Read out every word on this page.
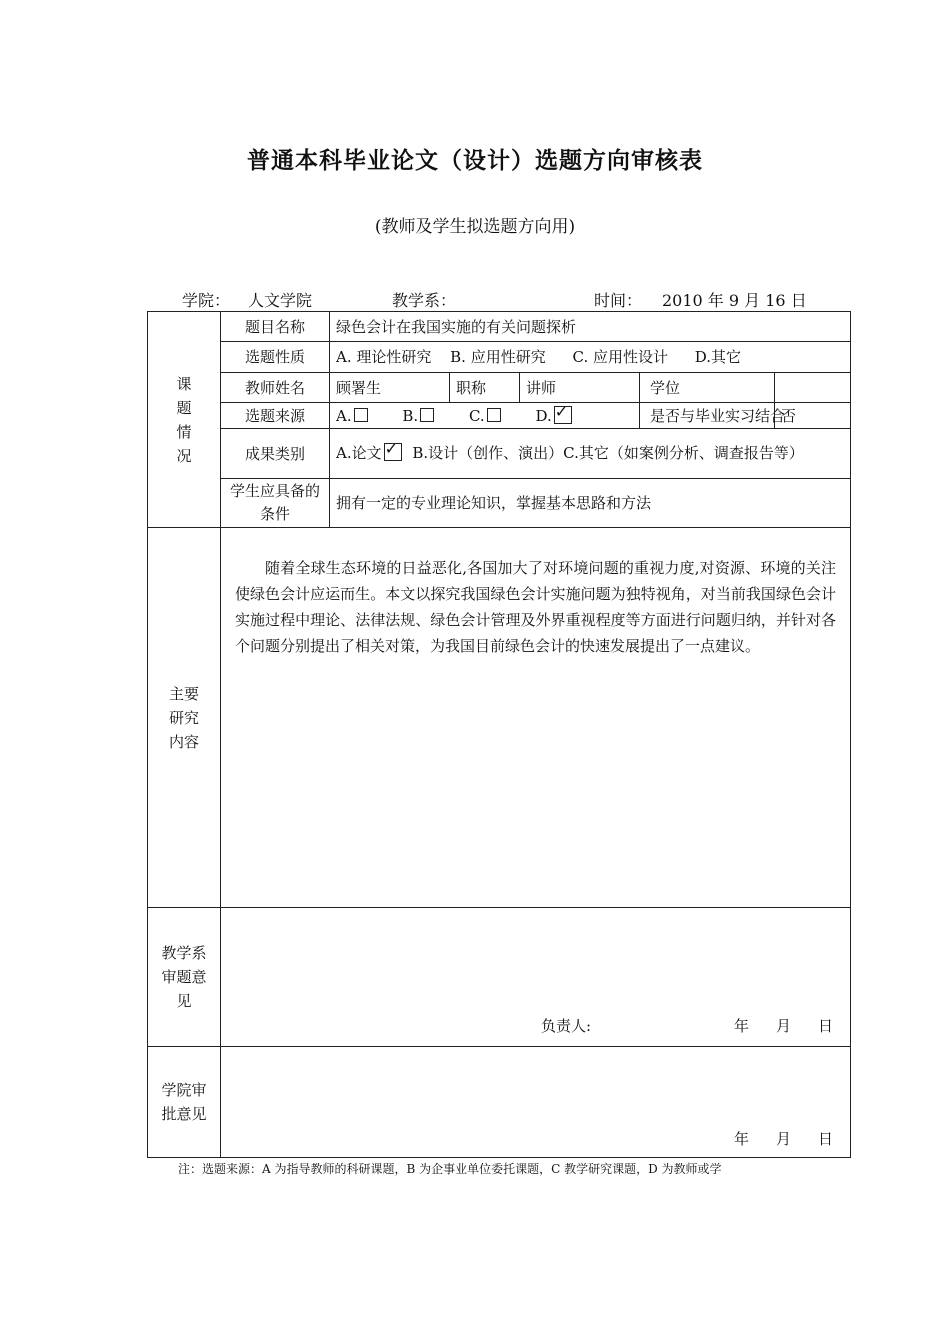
普通本科毕业论文（设计）选题方向审核表
(教师及学生拟选题方向用)
学院： 人文学院	教学系：	时间： 2010 年 9 月 16 日
课题情况	题目名称	绿色会计在我国实施的有关问题探析				
	选题性质	A. 理论性研究 B. 应用性研究 C. 应用性设计 D.其它				
	教师姓名	顾署生	职称	讲师	学位	
	选题来源	A. B. C. D. ✓			是否与毕业实习结合	否
	成果类别	A.论文 ✓ B.设计（创作、演出）C.其它（如案例分析、调查报告等）				
	学生应具备的条件	拥有一定的专业理论知识，掌握基本思路和方法				

主要研究内容	随着全球生态环境的日益恶化,各国加大了对环境问题的重视力度,对资源、环境的关注使绿色会计应运而生。本文以探究我国绿色会计实施问题为独特视角，对当前我国绿色会计实施过程中理论、法律法规、绿色会计管理及外界重视程度等方面进行问题归纳，并针对各个问题分别提出了相关对策，为我国目前绿色会计的快速发展提出了一点建议。					

教学系审题意见	负责人: 年 月 日					

学院审批意见	年 月 日					
注：选题来源：A 为指导教师的科研课题，B 为企事业单位委托课题，C 教学研究课题，D 为教师或学
